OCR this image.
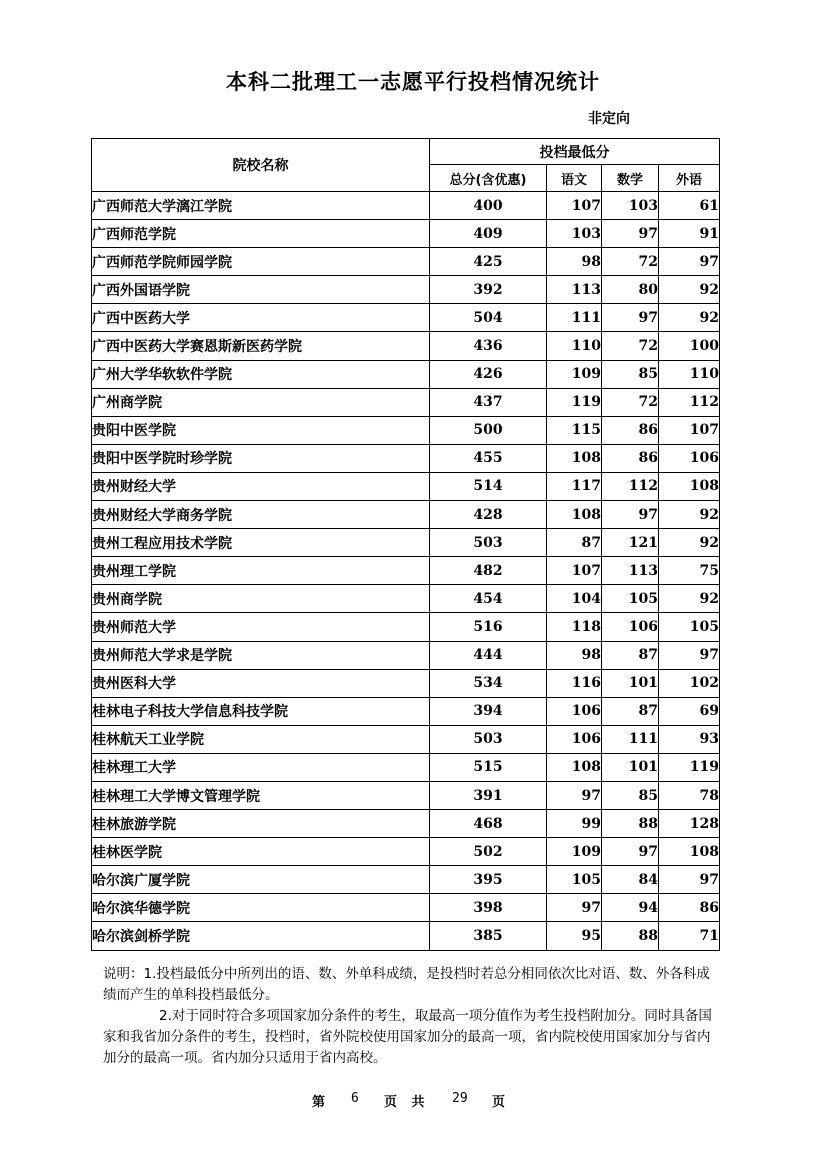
本科二批理工一志愿平行投档情况统计
非定向
院校名称	投档最低分			
	总分(含优惠)	语文	数学	外语
广西师范大学漓江学院	400	107	103	61
广西师范学院	409	103	97	91
广西师范学院师园学院	425	98	72	97
广西外国语学院	392	113	80	92
广西中医药大学	504	111	97	92
广西中医药大学赛恩斯新医药学院	436	110	72	100
广州大学华软软件学院	426	109	85	110
广州商学院	437	119	72	112
贵阳中医学院	500	115	86	107
贵阳中医学院时珍学院	455	108	86	106
贵州财经大学	514	117	112	108
贵州财经大学商务学院	428	108	97	92
贵州工程应用技术学院	503	87	121	92
贵州理工学院	482	107	113	75
贵州商学院	454	104	105	92
贵州师范大学	516	118	106	105
贵州师范大学求是学院	444	98	87	97
贵州医科大学	534	116	101	102
桂林电子科技大学信息科技学院	394	106	87	69
桂林航天工业学院	503	106	111	93
桂林理工大学	515	108	101	119
桂林理工大学博文管理学院	391	97	85	78
桂林旅游学院	468	99	88	128
桂林医学院	502	109	97	108
哈尔滨广厦学院	395	105	84	97
哈尔滨华德学院	398	97	94	86
哈尔滨剑桥学院	385	95	88	71

说明：1.投档最低分中所列出的语、数、外单科成绩，是投档时若总分相同依次比对语、数、外各科成绩而产生的单科投档最低分。

2.对于同时符合多项国家加分条件的考生，取最高一项分值作为考生投档附加分。同时具备国家和我省加分条件的考生，投档时，省外院校使用国家加分的最高一项，省内院校使用国家加分与省内加分的最高一项。省内加分只适用于省内高校。

第 6 页 共 29 页
